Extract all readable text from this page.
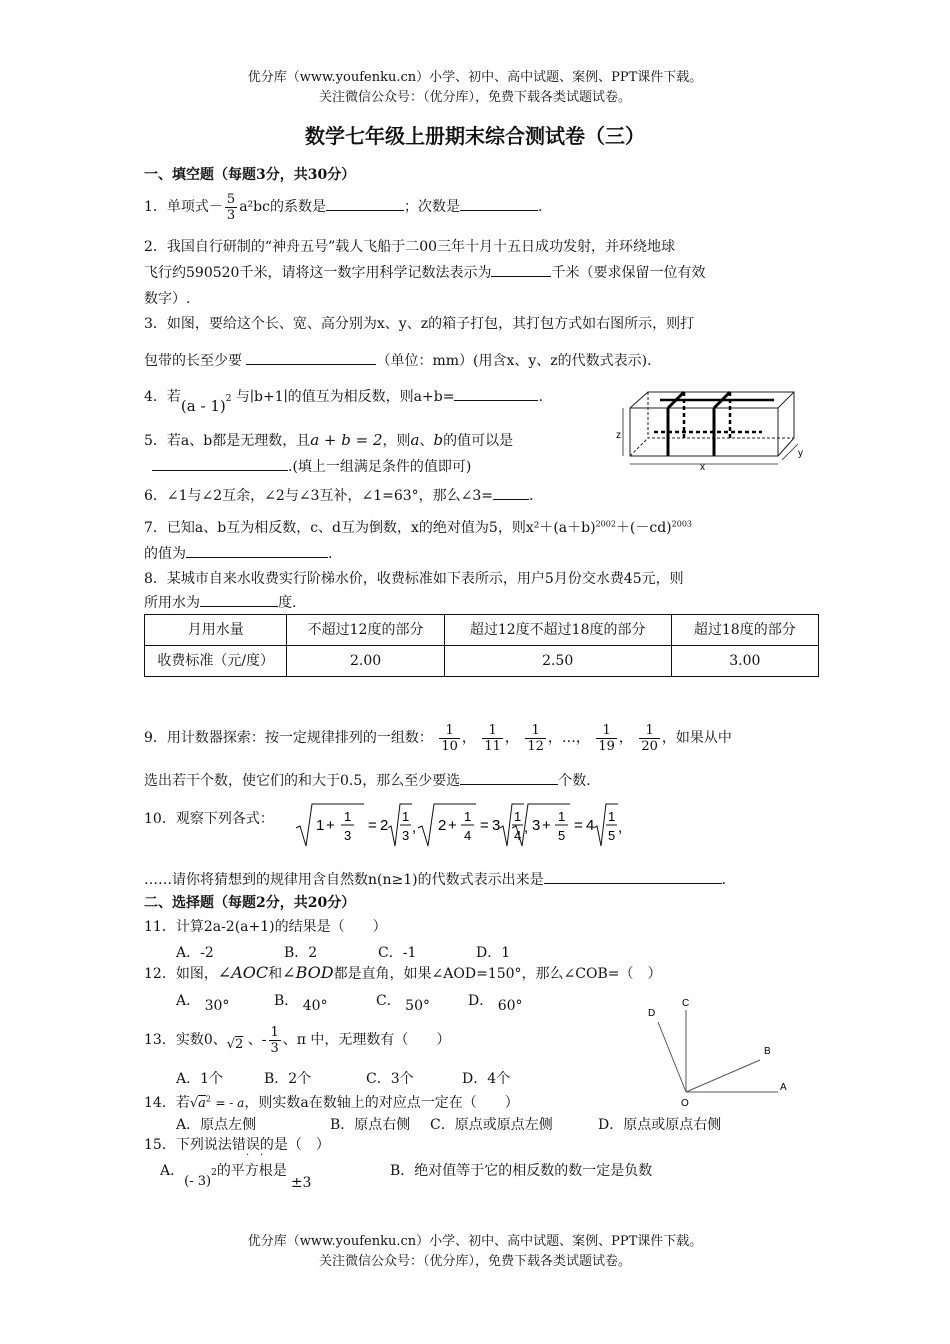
优分库（www.youfenku.cn）小学、初中、高中试题、案例、PPT课件下载。
关注微信公众号：（优分库），免费下载各类试题试卷。
数学七年级上册期末综合测试卷（三）
一、填空题（每题3分，共30分）
1．单项式－ $\frac{5}{3} a^2bc$的系数是	；次数是	.
2．我国自行研制的“神舟五号”载人飞船于二00三年十月十五日成功发射，并环绕地球
飞行约590520千米，请将这一数字用科学记数法表示为	千米（要求保留一位有效
数字）.
3．如图，要给这个长、宽、高分别为x、y、z的箱子打包，其打包方式如右图所示，则打
包带的长至少要	（单位：mm）(用含x、y、z的代数式表示)．
4．若(a - 1)$^2$ 与∣b+1∣的值互为相反数，则a+b=	.
5．若a、b都是无理数，且a + b = 2，则a、b的值可以是
.(填上一组满足条件的值即可)
z
x
y
6．∠1与∠2互余，∠2与∠3互补，∠1=63°，那么∠3=	.
7．已知a、b互为相反数，c、d互为倒数，x的绝对值为5，则$x^2+(a+b)^{2002}+(-cd)^{2003}$
的值为	.
8．某城市自来水收费实行阶梯水价，收费标准如下表所示，用户5月份交水费45元，则
所用水为	度.
月用水量	不超过12度的部分	超过12度不超过18度的部分	超过18度的部分
收费标准（元/度）	2.00	2.50	3.00
9．用计数器探索：按一定规律排列的一组数： $\frac{1}{10}$ ， $\frac{1}{11}$ ， $\frac{1}{12}$ ，…， $\frac{1}{19}$ ， $\frac{1}{20}$ ，如果从中
选出若干个数，使它们的和大于0.5，那么至少要选	个数.
10．观察下列各式：	1 +
1
3
= 2
1
3 , 2 +
1
4
= 3
1
4 , 3 +
1
5
= 4
1
5 ,
……请你将猜想到的规律用含自然数n(n≥1)的代数式表示出来是	.
二、选择题（每题2分，共20分）
11．计算2a-2(a+1)的结果是（　　）
A．-2	B．2	C．-1	D．1
12．如图，∠AOC和∠BOD都是直角，如果∠AOD=150°，那么∠COB=（　）
A． 30°	B． 40°	C． 50°	D． 60°	D
C
B
A
O
13．实数0、√2 、- $\frac{1}{3}$ 、π 中，无理数有（　　）
A．1个	B．2个	C．3个	D．4个
14．若$√a^2$ = - a，则实数a在数轴上的对应点一定在（　　）
A．原点左侧	B．原点右侧 C．原点或原点左侧	D．原点或原点右侧
15．下列说法错误的是（　）
· ·
A．(- 3)$^2$的平方根是±3
B．绝对值等于它的相反数的数一定是负数
优分库（www.youfenku.cn）小学、初中、高中试题、案例、PPT课件下载。
关注微信公众号：（优分库），免费下载各类试题试卷。
